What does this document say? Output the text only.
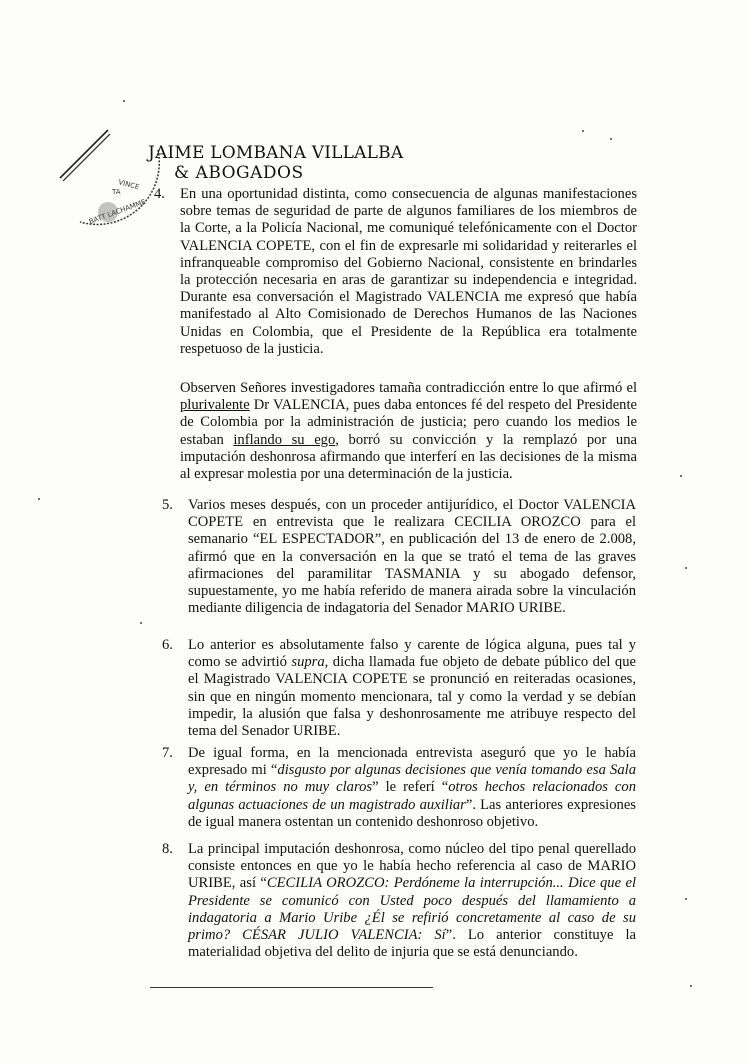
VINCE
TA
BATT LACHAMME
JAIME LOMBANA VILLALBA
& ABOGADOS
4. En una oportunidad distinta, como consecuencia de algunas manifestaciones sobre temas de seguridad de parte de algunos familiares de los miembros de la Corte, a la Policía Nacional, me comuniqué telefónicamente con el Doctor VALENCIA COPETE, con el fin de expresarle mi solidaridad y reiterarles el infranqueable compromiso del Gobierno Nacional, consistente en brindarles la protección necesaria en aras de garantizar su independencia e integridad. Durante esa conversación el Magistrado VALENCIA me expresó que había manifestado al Alto Comisionado de Derechos Humanos de las Naciones Unidas en Colombia, que el Presidente de la República era totalmente respetuoso de la justicia.
Observen Señores investigadores tamaña contradicción entre lo que afirmó el plurivalente Dr VALENCIA, pues daba entonces fé del respeto del Presidente de Colombia por la administración de justicia; pero cuando los medios le estaban inflando su ego, borró su convicción y la remplazó por una imputación deshonrosa afirmando que interferí en las decisiones de la misma al expresar molestia por una determinación de la justicia.
5. Varios meses después, con un proceder antijurídico, el Doctor VALENCIA COPETE en entrevista que le realizara CECILIA OROZCO para el semanario “EL ESPECTADOR”, en publicación del 13 de enero de 2.008, afirmó que en la conversación en la que se trató el tema de las graves afirmaciones del paramilitar TASMANIA y su abogado defensor, supuestamente, yo me había referido de manera airada sobre la vinculación mediante diligencia de indagatoria del Senador MARIO URIBE.
6. Lo anterior es absolutamente falso y carente de lógica alguna, pues tal y como se advirtió supra, dicha llamada fue objeto de debate público del que el Magistrado VALENCIA COPETE se pronunció en reiteradas ocasiones, sin que en ningún momento mencionara, tal y como la verdad y se debían impedir, la alusión que falsa y deshonrosamente me atribuye respecto del tema del Senador URIBE.
7. De igual forma, en la mencionada entrevista aseguró que yo le había expresado mi “disgusto por algunas decisiones que venía tomando esa Sala y, en términos no muy claros” le referí “otros hechos relacionados con algunas actuaciones de un magistrado auxiliar”. Las anteriores expresiones de igual manera ostentan un contenido deshonroso objetivo.
8. La principal imputación deshonrosa, como núcleo del tipo penal querellado consiste entonces en que yo le había hecho referencia al caso de MARIO URIBE, así “CECILIA OROZCO: Perdóneme la interrupción... Dice que el Presidente se comunicó con Usted poco después del llamamiento a indagatoria a Mario Uribe ¿Él se refirió concretamente al caso de su primo? CÉSAR JULIO VALENCIA: Sí”. Lo anterior constituye la materialidad objetiva del delito de injuria que se está denunciando.
